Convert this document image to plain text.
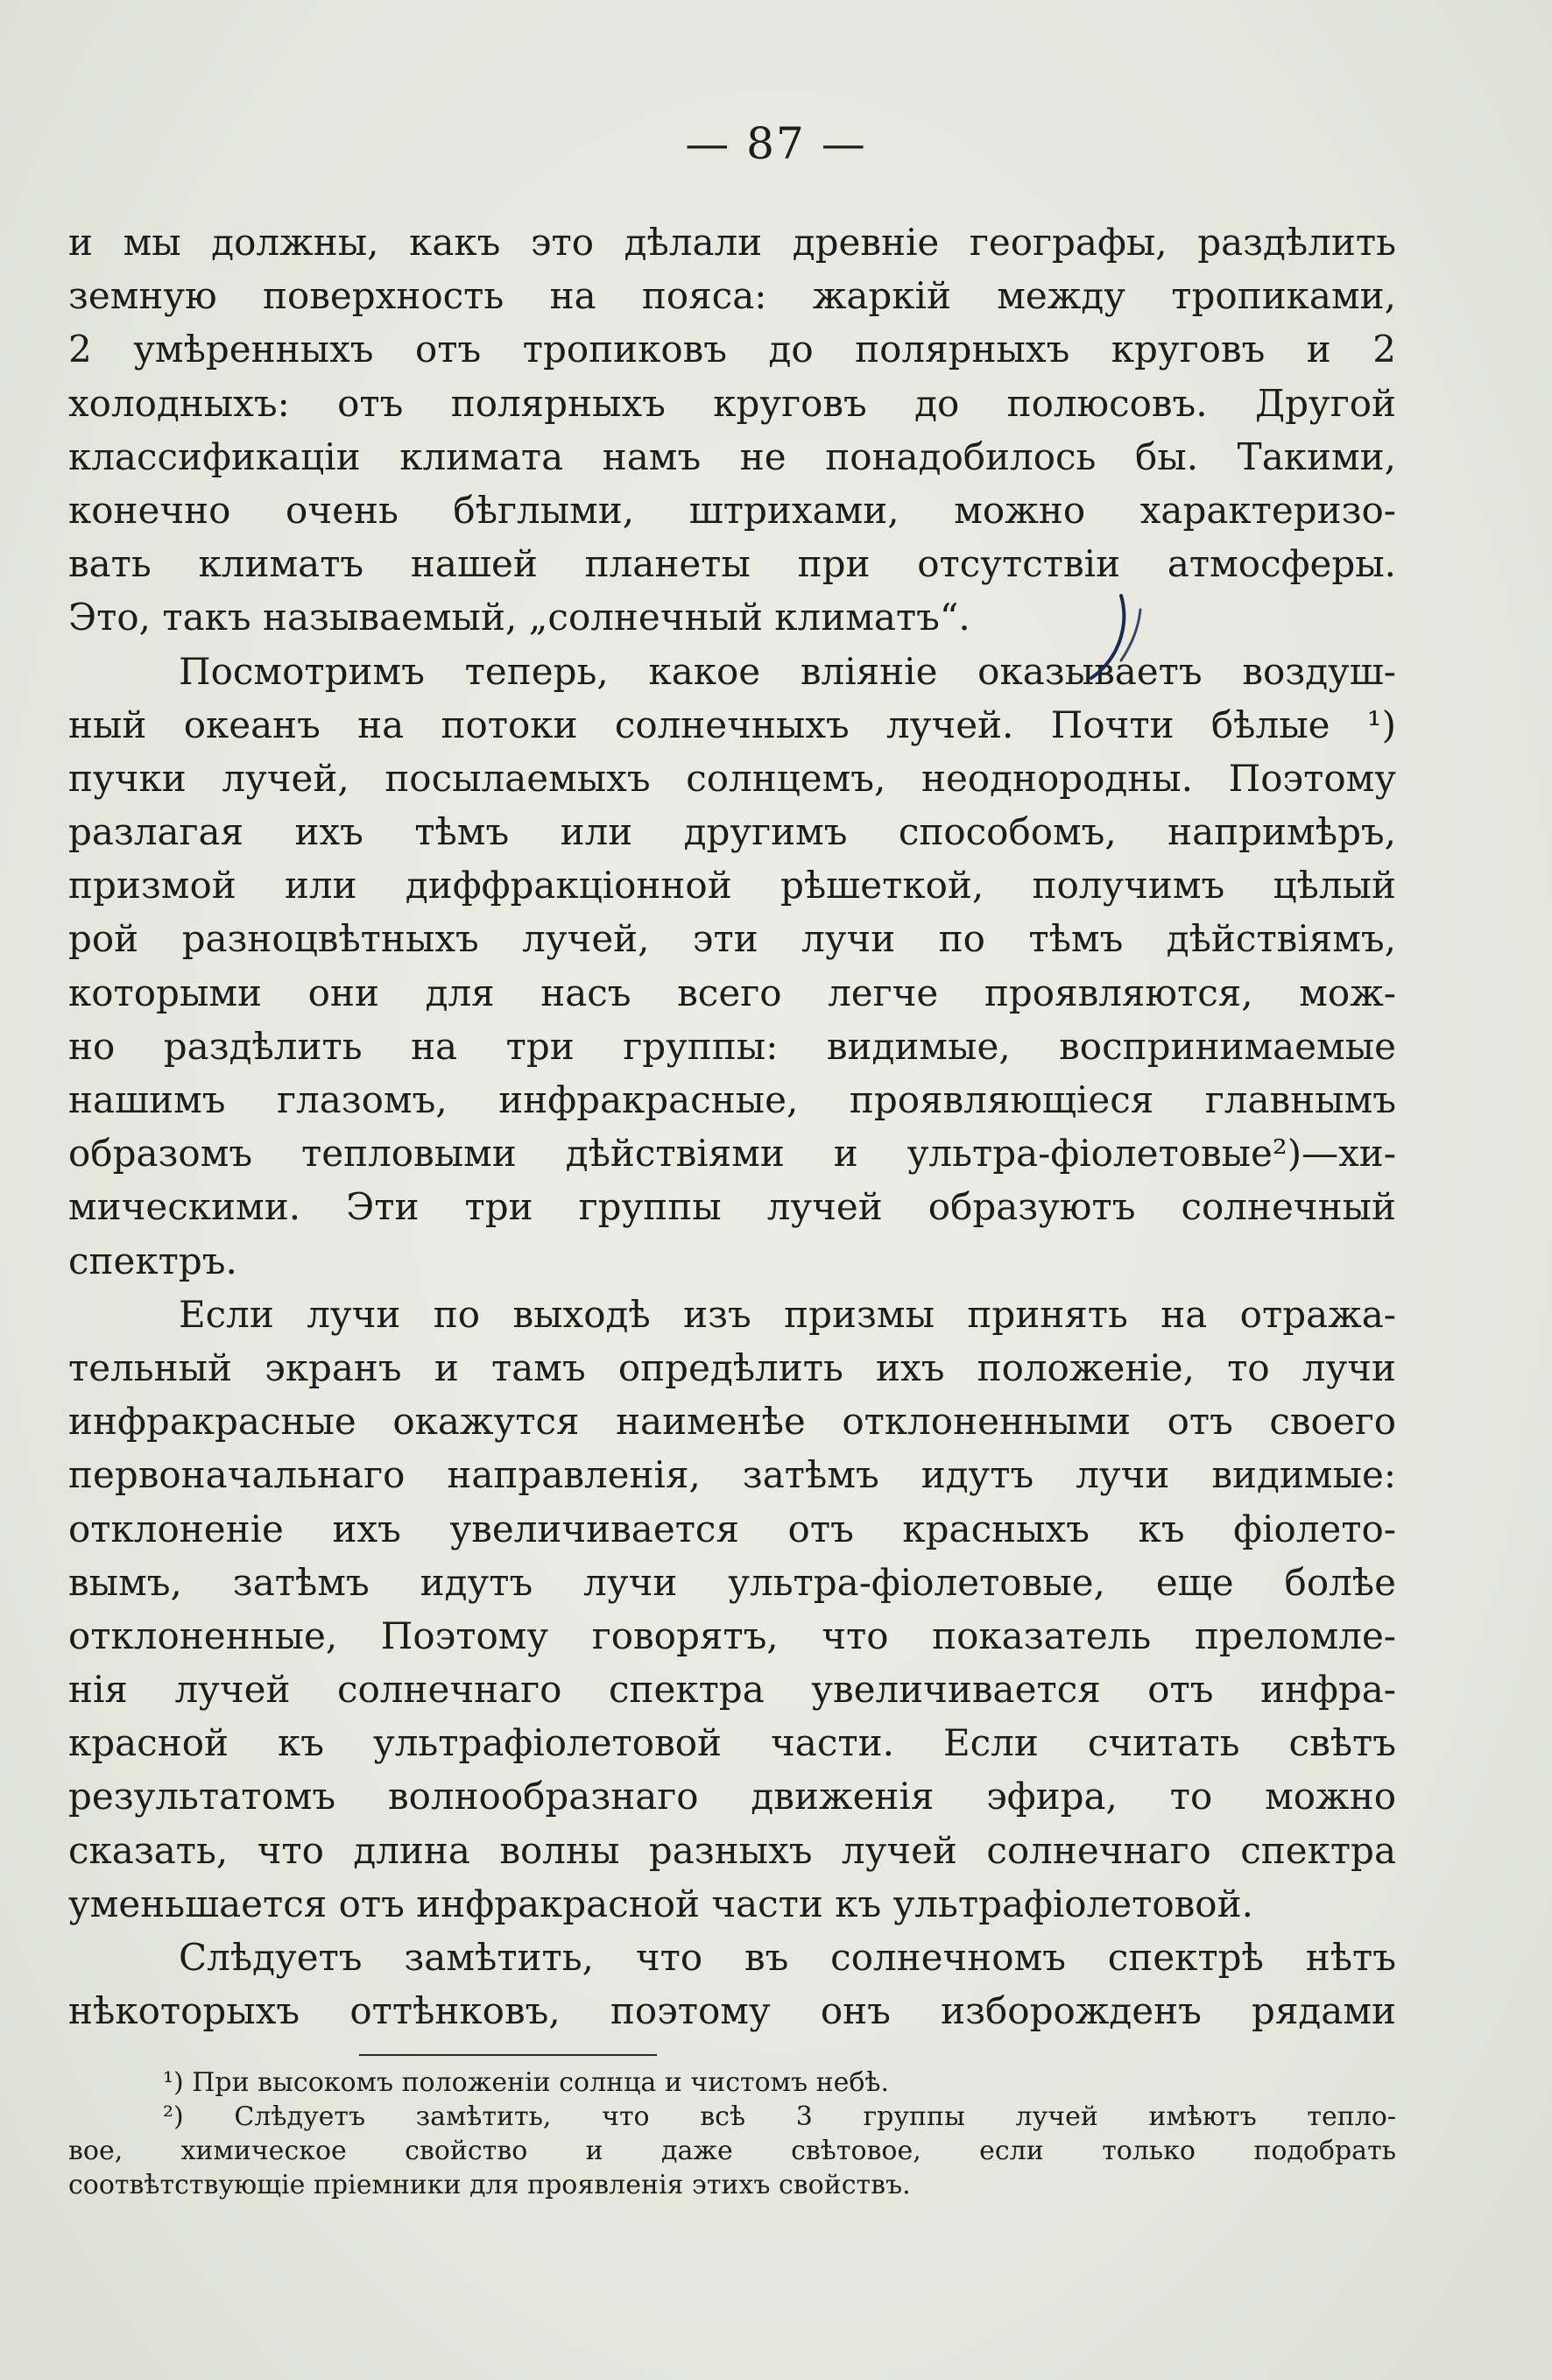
— 87 —
и мы должны, какъ это дѣлали древнiе географы, раздѣлить
земную поверхность на пояса: жаркiй между тропиками,
2 умѣренныхъ отъ тропиковъ до полярныхъ круговъ и 2
холодныхъ: отъ полярныхъ круговъ до полюсовъ. Другой
классификацiи климата намъ не понадобилось бы. Такими,
конечно очень бѣглыми, штрихами, можно характеризо-
вать климатъ нашей планеты при отсутствiи атмосферы.
Это, такъ называемый, „солнечный климатъ“.
Посмотримъ теперь, какое влiянiе оказываетъ воздуш-
ный океанъ на потоки солнечныхъ лучей. Почти бѣлые ¹)
пучки лучей, посылаемыхъ солнцемъ, неоднородны. Поэтому
разлагая ихъ тѣмъ или другимъ способомъ, напримѣръ,
призмой или диффракцiонной рѣшеткой, получимъ цѣлый
рой разноцвѣтныхъ лучей, эти лучи по тѣмъ дѣйствiямъ,
которыми они для насъ всего легче проявляются, мож-
но раздѣлить на три группы: видимые, воспринимаемые
нашимъ глазомъ, инфракрасные, проявляющiеся главнымъ
образомъ тепловыми дѣйствiями и ультра-фiолетовые²)—хи-
мическими. Эти три группы лучей образуютъ солнечный
спектръ.
Если лучи по выходѣ изъ призмы принять на отража-
тельный экранъ и тамъ опредѣлить ихъ положенiе, то лучи
инфракрасные окажутся наименѣе отклоненными отъ своего
первоначальнаго направленiя, затѣмъ идутъ лучи видимые:
отклоненiе ихъ увеличивается отъ красныхъ къ фiолето-
вымъ, затѣмъ идутъ лучи ультра-фiолетовые, еще болѣе
отклоненные, Поэтому говорятъ, что показатель преломле-
нiя лучей солнечнаго спектра увеличивается отъ инфра-
красной къ ультрафiолетовой части. Если считать свѣтъ
результатомъ волнообразнаго движенiя эфира, то можно
сказать, что длина волны разныхъ лучей солнечнаго спектра
уменьшается отъ инфракрасной части къ ультрафiолетовой.
Слѣдуетъ замѣтить, что въ солнечномъ спектрѣ нѣтъ
нѣкоторыхъ оттѣнковъ, поэтому онъ изборожденъ рядами
¹) При высокомъ положенiи солнца и чистомъ небѣ.
²) Слѣдуетъ замѣтить, что всѣ 3 группы лучей имѣютъ тепло-
вое, химическое свойство и даже свѣтовое, если только подобрать
соотвѣтствующiе прiемники для проявленiя этихъ свойствъ.
